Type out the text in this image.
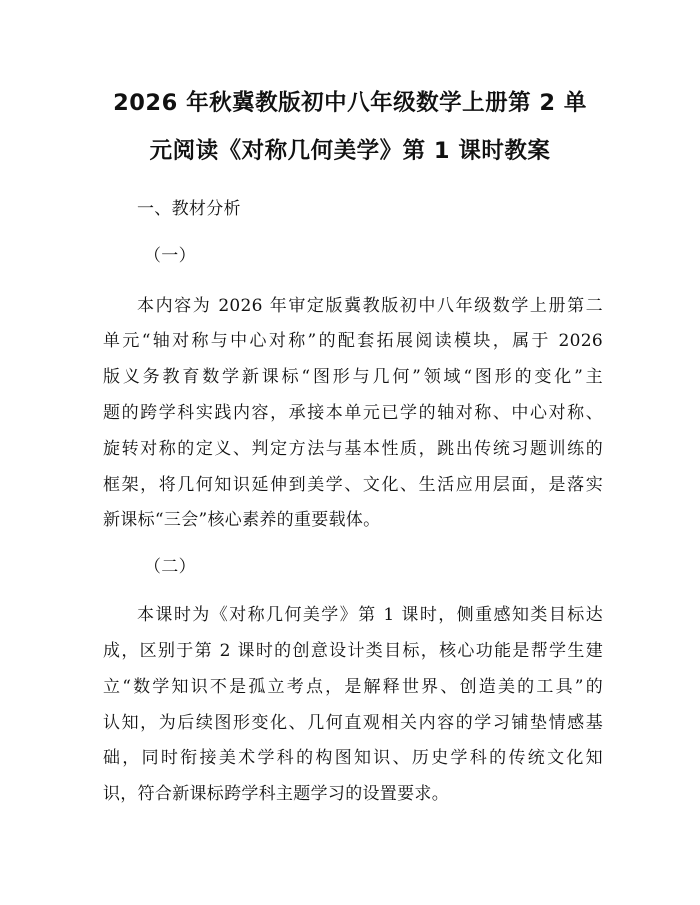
2026 年秋冀教版初中八年级数学上册第 2 单
元阅读《对称几何美学》第 1 课时教案
一、教材分析
（一）
本内容为 2026 年审定版冀教版初中八年级数学上册第二
单元“轴对称与中心对称”的配套拓展阅读模块，属于 2026
版义务教育数学新课标“图形与几何”领域“图形的变化”主
题的跨学科实践内容，承接本单元已学的轴对称、中心对称、
旋转对称的定义、判定方法与基本性质，跳出传统习题训练的
框架，将几何知识延伸到美学、文化、生活应用层面，是落实
新课标“三会”核心素养的重要载体。
（二）
本课时为《对称几何美学》第 1 课时，侧重感知类目标达
成，区别于第 2 课时的创意设计类目标，核心功能是帮学生建
立“数学知识不是孤立考点，是解释世界、创造美的工具”的
认知，为后续图形变化、几何直观相关内容的学习铺垫情感基
础，同时衔接美术学科的构图知识、历史学科的传统文化知
识，符合新课标跨学科主题学习的设置要求。
